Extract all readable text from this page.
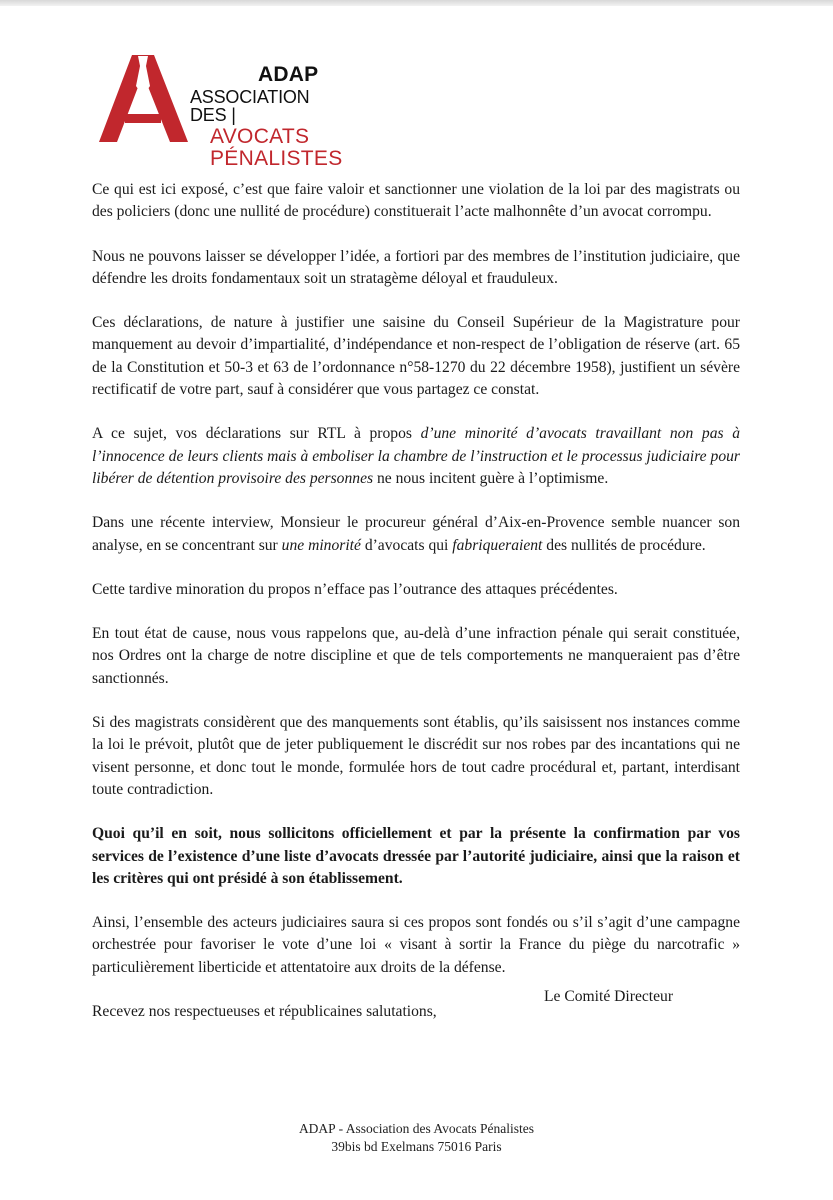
ADAP
ASSOCIATION DES |
AVOCATS
PÉNALISTES

Ce qui est ici exposé, c’est que faire valoir et sanctionner une violation de la loi par des magistrats ou des policiers (donc une nullité de procédure) constituerait l’acte malhonnête d’un avocat corrompu.

Nous ne pouvons laisser se développer l’idée, a fortiori par des membres de l’institution judiciaire, que défendre les droits fondamentaux soit un stratagème déloyal et frauduleux.

Ces déclarations, de nature à justifier une saisine du Conseil Supérieur de la Magistrature pour manquement au devoir d’impartialité, d’indépendance et non-respect de l’obligation de réserve (art. 65 de la Constitution et 50-3 et 63 de l’ordonnance n°58-1270 du 22 décembre 1958), justifient un sévère rectificatif de votre part, sauf à considérer que vous partagez ce constat.

A ce sujet, vos déclarations sur RTL à propos d’une minorité d’avocats travaillant non pas à l’innocence de leurs clients mais à emboliser la chambre de l’instruction et le processus judiciaire pour libérer de détention provisoire des personnes ne nous incitent guère à l’optimisme.

Dans une récente interview, Monsieur le procureur général d’Aix-en-Provence semble nuancer son analyse, en se concentrant sur une minorité d’avocats qui fabriqueraient des nullités de procédure.

Cette tardive minoration du propos n’efface pas l’outrance des attaques précédentes.

En tout état de cause, nous vous rappelons que, au-delà d’une infraction pénale qui serait constituée, nos Ordres ont la charge de notre discipline et que de tels comportements ne manqueraient pas d’être sanctionnés.

Si des magistrats considèrent que des manquements sont établis, qu’ils saisissent nos instances comme la loi le prévoit, plutôt que de jeter publiquement le discrédit sur nos robes par des incantations qui ne visent personne, et donc tout le monde, formulée hors de tout cadre procédural et, partant, interdisant toute contradiction.

Quoi qu’il en soit, nous sollicitons officiellement et par la présente la confirmation par vos services de l’existence d’une liste d’avocats dressée par l’autorité judiciaire, ainsi que la raison et les critères qui ont présidé à son établissement.

Ainsi, l’ensemble des acteurs judiciaires saura si ces propos sont fondés ou s’il s’agit d’une campagne orchestrée pour favoriser le vote d’une loi « visant à sortir la France du piège du narcotrafic » particulièrement liberticide et attentatoire aux droits de la défense.

Recevez nos respectueuses et républicaines salutations,

Le Comité Directeur
ADAP - Association des Avocats Pénalistes
39bis bd Exelmans 75016 Paris
